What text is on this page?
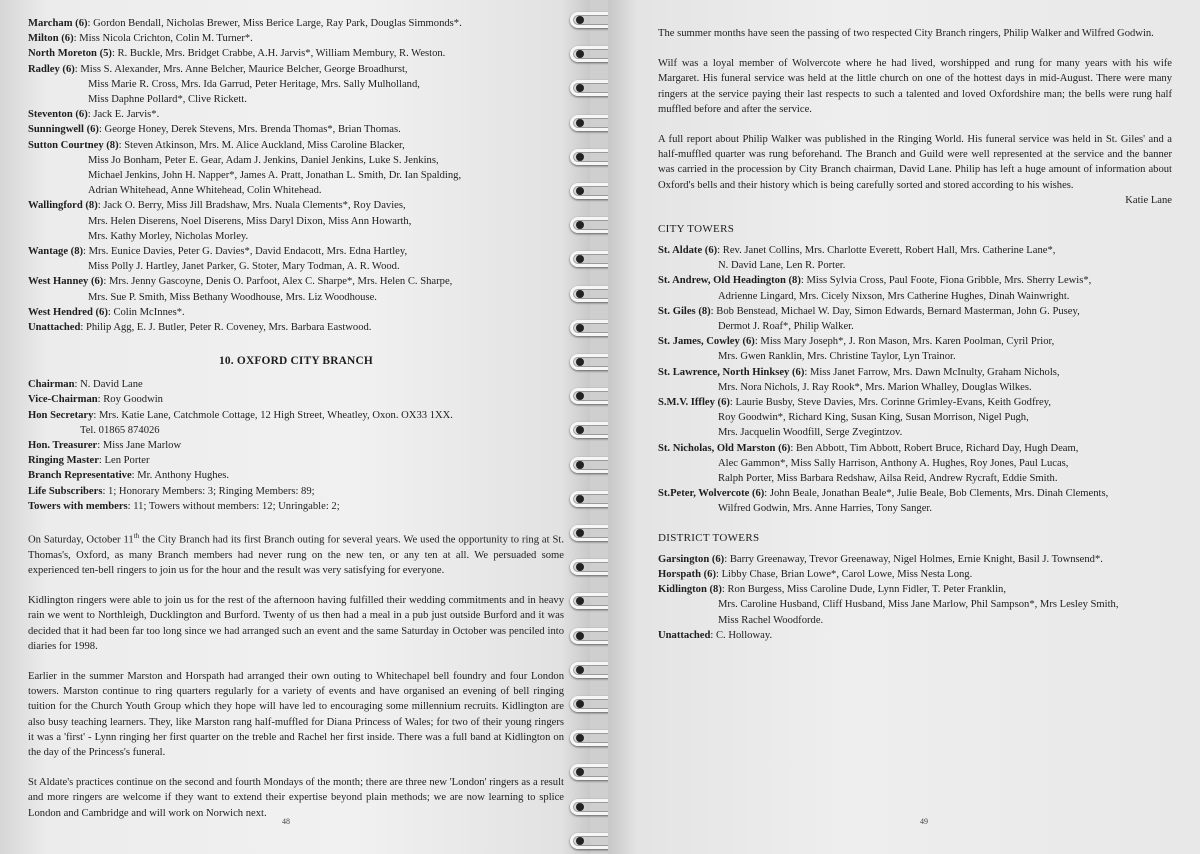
Marcham (6): Gordon Bendall, Nicholas Brewer, Miss Berice Large, Ray Park, Douglas Simmonds*.

Milton (6): Miss Nicola Crichton, Colin M. Turner*.

North Moreton (5): R. Buckle, Mrs. Bridget Crabbe, A.H. Jarvis*, William Membury, R. Weston.

Radley (6): Miss S. Alexander, Mrs. Anne Belcher, Maurice Belcher, George Broadhurst,
Miss Marie R. Cross, Mrs. Ida Garrud, Peter Heritage, Mrs. Sally Mulholland,
Miss Daphne Pollard*, Clive Rickett.

Steventon (6): Jack E. Jarvis*.

Sunningwell (6): George Honey, Derek Stevens, Mrs. Brenda Thomas*, Brian Thomas.

Sutton Courtney (8): Steven Atkinson, Mrs. M. Alice Auckland, Miss Caroline Blacker,
Miss Jo Bonham, Peter E. Gear, Adam J. Jenkins, Daniel Jenkins, Luke S. Jenkins,
Michael Jenkins, John H. Napper*, James A. Pratt, Jonathan L. Smith, Dr. Ian Spalding,
Adrian Whitehead, Anne Whitehead, Colin Whitehead.

Wallingford (8): Jack O. Berry, Miss Jill Bradshaw, Mrs. Nuala Clements*, Roy Davies,
Mrs. Helen Diserens, Noel Diserens, Miss Daryl Dixon, Miss Ann Howarth,
Mrs. Kathy Morley, Nicholas Morley.

Wantage (8): Mrs. Eunice Davies, Peter G. Davies*, David Endacott, Mrs. Edna Hartley,
Miss Polly J. Hartley, Janet Parker, G. Stoter, Mary Todman, A. R. Wood.

West Hanney (6): Mrs. Jenny Gascoyne, Denis O. Parfoot, Alex C. Sharpe*, Mrs. Helen C. Sharpe,
Mrs. Sue P. Smith, Miss Bethany Woodhouse, Mrs. Liz Woodhouse.

West Hendred (6): Colin McInnes*.

Unattached: Philip Agg, E. J. Butler, Peter R. Coveney, Mrs. Barbara Eastwood.

10. OXFORD CITY BRANCH

Chairman: N. David Lane

Vice-Chairman: Roy Goodwin

Hon Secretary: Mrs. Katie Lane, Catchmole Cottage, 12 High Street, Wheatley, Oxon. OX33 1XX.
Tel. 01865 874026

Hon. Treasurer: Miss Jane Marlow

Ringing Master: Len Porter

Branch Representative: Mr. Anthony Hughes.

Life Subscribers: 1; Honorary Members: 3; Ringing Members: 89;

Towers with members: 11; Towers without members: 12; Unringable: 2;

On Saturday, October 11th the City Branch had its first Branch outing for several years. We used the opportunity to ring at St. Thomas's, Oxford, as many Branch members had never rung on the new ten, or any ten at all. We persuaded some experienced ten-bell ringers to join us for the hour and the result was very satisfying for everyone.

Kidlington ringers were able to join us for the rest of the afternoon having fulfilled their wedding commitments and in heavy rain we went to Northleigh, Ducklington and Burford. Twenty of us then had a meal in a pub just outside Burford and it was decided that it had been far too long since we had arranged such an event and the same Saturday in October was penciled into diaries for 1998.

Earlier in the summer Marston and Horspath had arranged their own outing to Whitechapel bell foundry and four London towers. Marston continue to ring quarters regularly for a variety of events and have organised an evening of bell ringing tuition for the Church Youth Group which they hope will have led to encouraging some millennium recruits. Kidlington are also busy teaching learners. They, like Marston rang half-muffled for Diana Princess of Wales; for two of their young ringers it was a 'first' - Lynn ringing her first quarter on the treble and Rachel her first inside. There was a full band at Kidlington on the day of the Princess's funeral.

St Aldate's practices continue on the second and fourth Mondays of the month; there are three new 'London' ringers as a result and more ringers are welcome if they want to extend their expertise beyond plain methods; we are now learning to splice London and Cambridge and will work on Norwich next.

48

The summer months have seen the passing of two respected City Branch ringers, Philip Walker and Wilfred Godwin.

Wilf was a loyal member of Wolvercote where he had lived, worshipped and rung for many years with his wife Margaret. His funeral service was held at the little church on one of the hottest days in mid-August. There were many ringers at the service paying their last respects to such a talented and loved Oxfordshire man; the bells were rung half muffled before and after the service.

A full report about Philip Walker was published in the Ringing World. His funeral service was held in St. Giles' and a half-muffled quarter was rung beforehand. The Branch and Guild were well represented at the service and the banner was carried in the procession by City Branch chairman, David Lane. Philip has left a huge amount of information about Oxford's bells and their history which is being carefully sorted and stored according to his wishes.

Katie Lane

CITY TOWERS

St. Aldate (6): Rev. Janet Collins, Mrs. Charlotte Everett, Robert Hall, Mrs. Catherine Lane*,
N. David Lane, Len R. Porter.

St. Andrew, Old Headington (8): Miss Sylvia Cross, Paul Foote, Fiona Gribble, Mrs. Sherry Lewis*,
Adrienne Lingard, Mrs. Cicely Nixson, Mrs Catherine Hughes, Dinah Wainwright.

St. Giles (8): Bob Benstead, Michael W. Day, Simon Edwards, Bernard Masterman, John G. Pusey,
Dermot J. Roaf*, Philip Walker.

St. James, Cowley (6): Miss Mary Joseph*, J. Ron Mason, Mrs. Karen Poolman, Cyril Prior,
Mrs. Gwen Ranklin, Mrs. Christine Taylor, Lyn Trainor.

St. Lawrence, North Hinksey (6): Miss Janet Farrow, Mrs. Dawn McInulty, Graham Nichols,
Mrs. Nora Nichols, J. Ray Rook*, Mrs. Marion Whalley, Douglas Wilkes.

S.M.V. Iffley (6): Laurie Busby, Steve Davies, Mrs. Corinne Grimley-Evans, Keith Godfrey,
Roy Goodwin*, Richard King, Susan King, Susan Morrison, Nigel Pugh,
Mrs. Jacquelin Woodfill, Serge Zvegintzov.

St. Nicholas, Old Marston (6): Ben Abbott, Tim Abbott, Robert Bruce, Richard Day, Hugh Deam,
Alec Gammon*, Miss Sally Harrison, Anthony A. Hughes, Roy Jones, Paul Lucas,
Ralph Porter, Miss Barbara Redshaw, Ailsa Reid, Andrew Rycraft, Eddie Smith.

St.Peter, Wolvercote (6): John Beale, Jonathan Beale*, Julie Beale, Bob Clements, Mrs. Dinah Clements,
Wilfred Godwin, Mrs. Anne Harries, Tony Sanger.

DISTRICT TOWERS

Garsington (6): Barry Greenaway, Trevor Greenaway, Nigel Holmes, Ernie Knight, Basil J. Townsend*.

Horspath (6): Libby Chase, Brian Lowe*, Carol Lowe, Miss Nesta Long.

Kidlington (8): Ron Burgess, Miss Caroline Dude, Lynn Fidler, T. Peter Franklin,
Mrs. Caroline Husband, Cliff Husband, Miss Jane Marlow, Phil Sampson*, Mrs Lesley Smith,
Miss Rachel Woodforde.

Unattached: C. Holloway.

49
